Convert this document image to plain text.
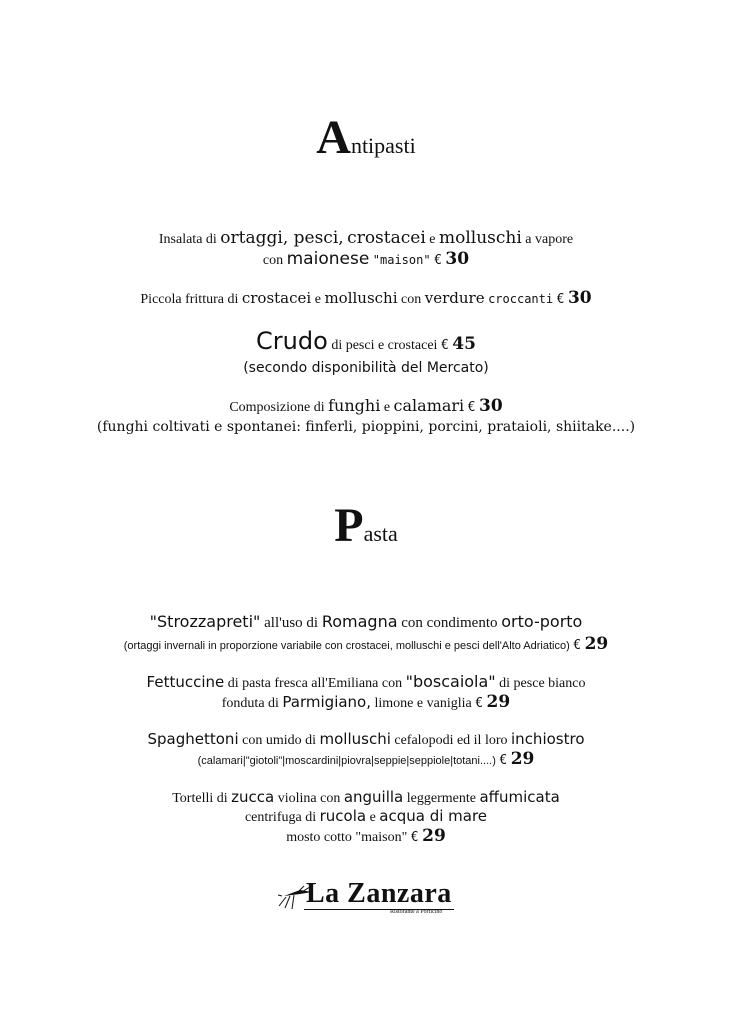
Antipasti
Insalata di ortaggi, pesci, crostacei e molluschi a vapore
con maionese "maison" € 30
Piccola frittura di crostacei e molluschi con verdure croccanti € 30
Crudo di pesci e crostacei € 45
(secondo disponibilità del Mercato)
Composizione di funghi e calamari € 30
(funghi coltivati e spontanei: finferli, pioppini, porcini, prataioli, shiitake....)
Pasta
"Strozzapreti" all'uso di Romagna con condimento orto-porto
(ortaggi invernali in proporzione variabile con crostacei, molluschi e pesci dell'Alto Adriatico) € 29
Fettuccine di pasta fresca all'Emiliana con "boscaiola" di pesce bianco
fonduta di Parmigiano, limone e vaniglia € 29
Spaghettoni con umido di molluschi cefalopodi ed il loro inchiostro
(calamari|"giotoli"|moscardini|piovra|seppie|seppiole|totani....) € 29
Tortelli di zucca violina con anguilla leggermente affumicata
centrifuga di rucola e acqua di mare
mosto cotto "maison" € 29
La Zanzara
Ristorante a Porticino
